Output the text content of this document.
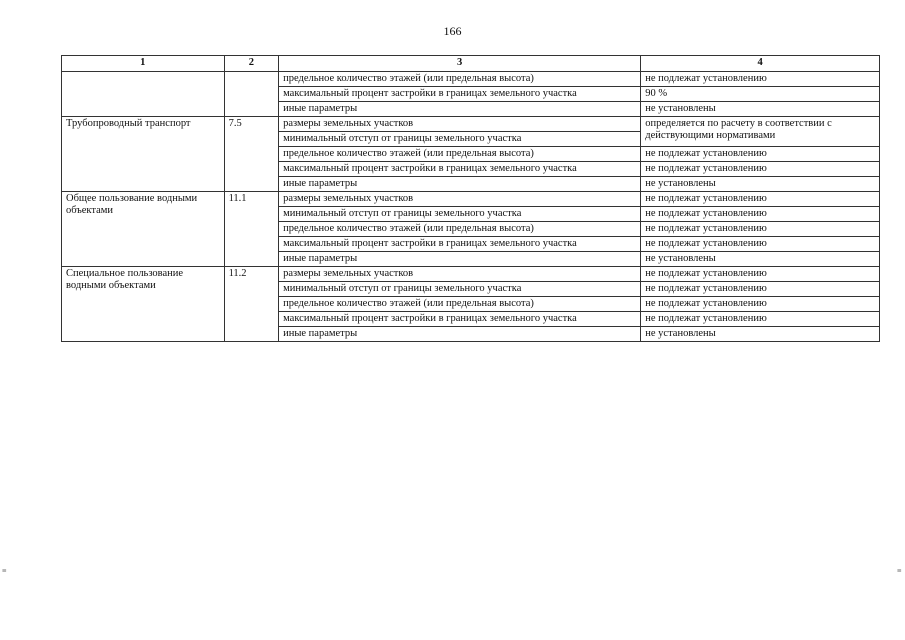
166
1	2	3	4
		предельное количество этажей (или предельная высота)	не подлежат установлению
		максимальный процент застройки в границах земельного участка	90 %
		иные параметры	не установлены
Трубопроводный транспорт	7.5	размеры земельных участков	определяется по расчету в соответствии с действующими нормативами
		минимальный отступ от границы земельного участка	
		предельное количество этажей (или предельная высота)	не подлежат установлению
		максимальный процент застройки в границах земельного участка	не подлежат установлению
		иные параметры	не установлены
Общее пользование водными объектами	11.1	размеры земельных участков	не подлежат установлению
		минимальный отступ от границы земельного участка	не подлежат установлению
		предельное количество этажей (или предельная высота)	не подлежат установлению
		максимальный процент застройки в границах земельного участка	не подлежат установлению
		иные параметры	не установлены
Специальное пользование водными объектами	11.2	размеры земельных участков	не подлежат установлению
		минимальный отступ от границы земельного участка	не подлежат установлению
		предельное количество этажей (или предельная высота)	не подлежат установлению
		максимальный процент застройки в границах земельного участка	не подлежат установлению
		иные параметры	не установлены
≡	≡
